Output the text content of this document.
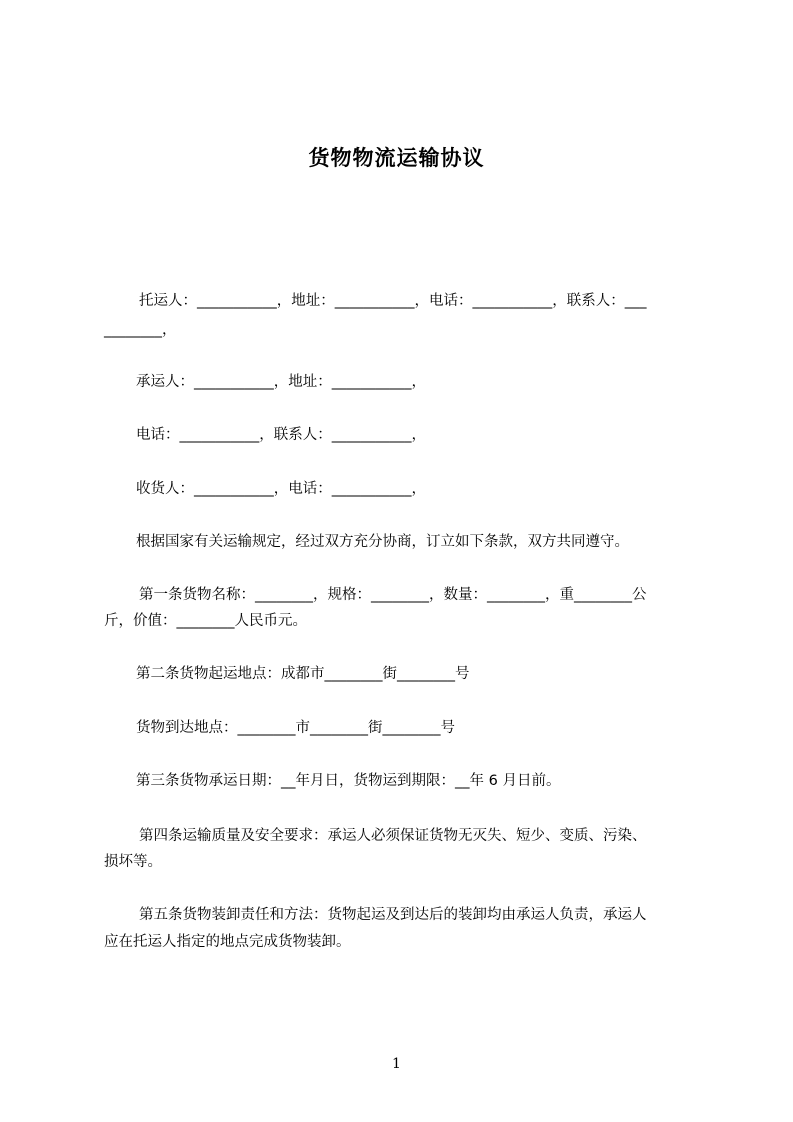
货物物流运输协议

托运人：___________，地址：___________，电话：___________，联系人：___

________，

承运人：___________，地址：___________，

电话：___________，联系人：___________，

收货人：___________，电话：___________，

根据国家有关运输规定，经过双方充分协商，订立如下条款，双方共同遵守。

第一条货物名称：________，规格：________，数量：________，重________公

斤，价值：________人民币元。

第二条货物起运地点：成都市________街________号

货物到达地点：________市________街________号

第三条货物承运日期：__年月日，货物运到期限：__年 6 月日前。

第四条运输质量及安全要求：承运人必须保证货物无灭失、短少、变质、污染、

损坏等。

第五条货物装卸责任和方法：货物起运及到达后的装卸均由承运人负责，承运人

应在托运人指定的地点完成货物装卸。

1
